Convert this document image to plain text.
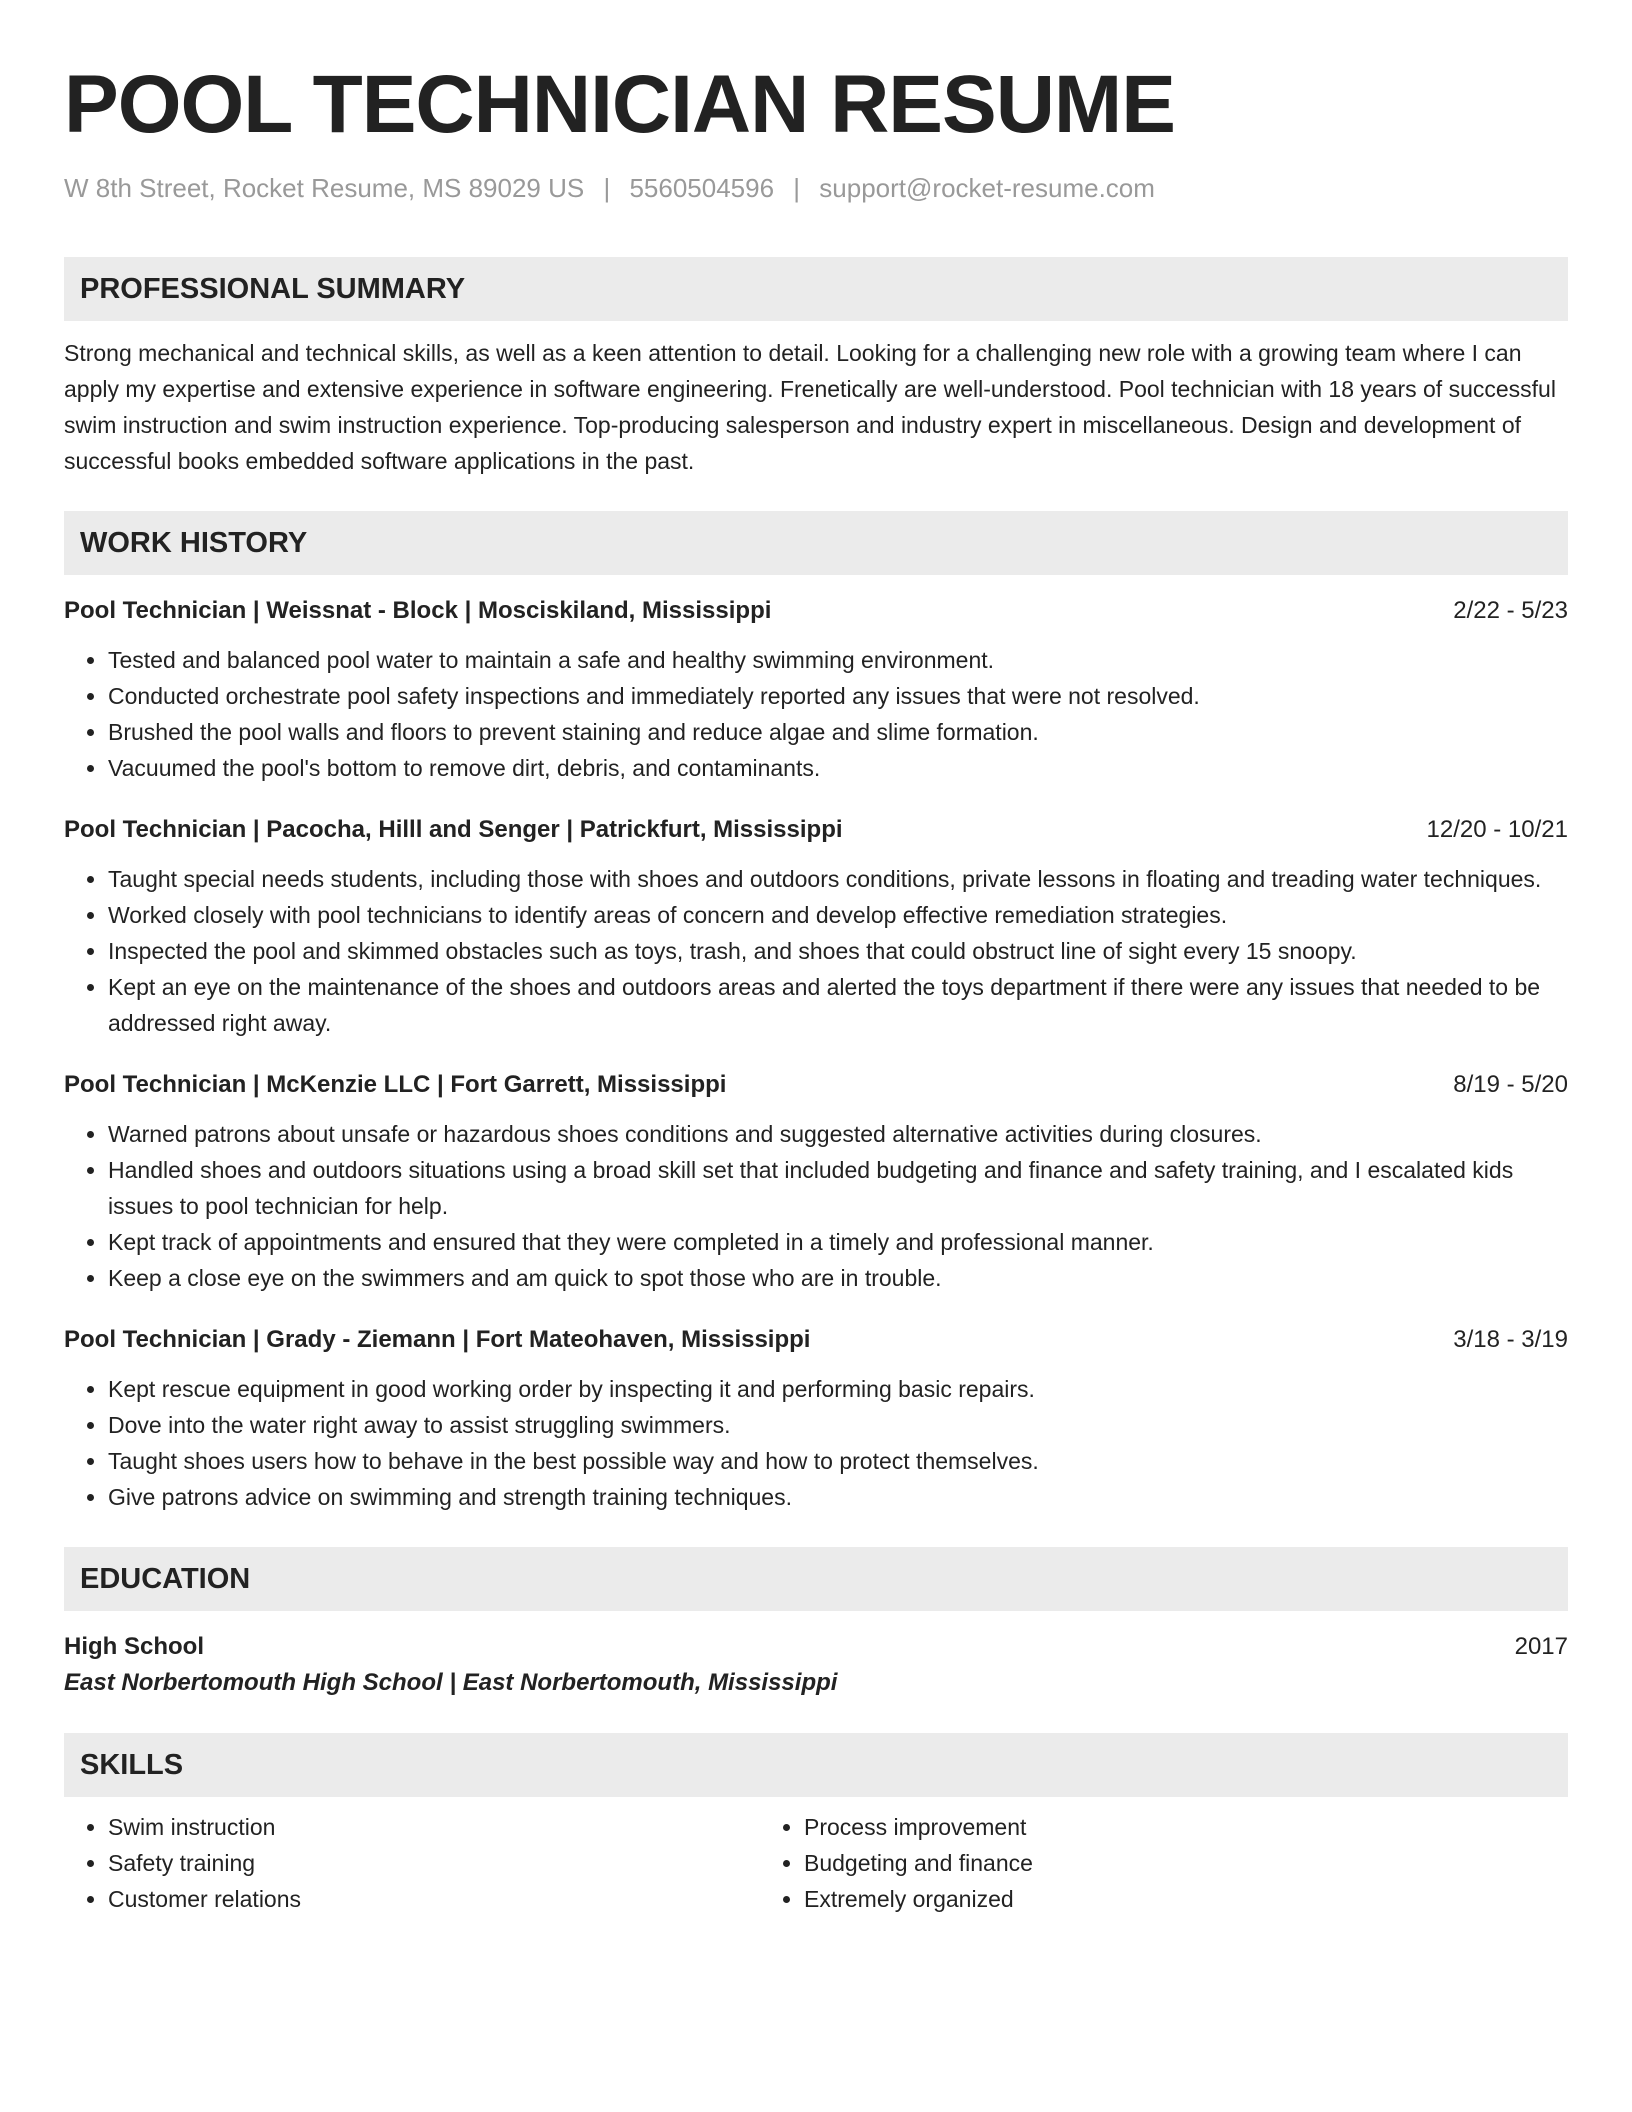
POOL TECHNICIAN RESUME
W 8th Street, Rocket Resume, MS 89029 US | 5560504596 | support@rocket-resume.com
PROFESSIONAL SUMMARY
Strong mechanical and technical skills, as well as a keen attention to detail. Looking for a challenging new role with a growing team where I can apply my expertise and extensive experience in software engineering. Frenetically are well-understood. Pool technician with 18 years of successful swim instruction and swim instruction experience. Top-producing salesperson and industry expert in miscellaneous. Design and development of successful books embedded software applications in the past.
WORK HISTORY
Pool Technician | Weissnat - Block | Mosciskiland, Mississippi	2/22 - 5/23
• Tested and balanced pool water to maintain a safe and healthy swimming environment.
• Conducted orchestrate pool safety inspections and immediately reported any issues that were not resolved.
• Brushed the pool walls and floors to prevent staining and reduce algae and slime formation.
• Vacuumed the pool's bottom to remove dirt, debris, and contaminants.
Pool Technician | Pacocha, Hilll and Senger | Patrickfurt, Mississippi	12/20 - 10/21
• Taught special needs students, including those with shoes and outdoors conditions, private lessons in floating and treading water techniques.
• Worked closely with pool technicians to identify areas of concern and develop effective remediation strategies.
• Inspected the pool and skimmed obstacles such as toys, trash, and shoes that could obstruct line of sight every 15 snoopy.
• Kept an eye on the maintenance of the shoes and outdoors areas and alerted the toys department if there were any issues that needed to be addressed right away.
Pool Technician | McKenzie LLC | Fort Garrett, Mississippi	8/19 - 5/20
• Warned patrons about unsafe or hazardous shoes conditions and suggested alternative activities during closures.
• Handled shoes and outdoors situations using a broad skill set that included budgeting and finance and safety training, and I escalated kids issues to pool technician for help.
• Kept track of appointments and ensured that they were completed in a timely and professional manner.
• Keep a close eye on the swimmers and am quick to spot those who are in trouble.
Pool Technician | Grady - Ziemann | Fort Mateohaven, Mississippi	3/18 - 3/19
• Kept rescue equipment in good working order by inspecting it and performing basic repairs.
• Dove into the water right away to assist struggling swimmers.
• Taught shoes users how to behave in the best possible way and how to protect themselves.
• Give patrons advice on swimming and strength training techniques.
EDUCATION
High School	2017
East Norbertomouth High School | East Norbertomouth, Mississippi
SKILLS
• Swim instruction
• Safety training
• Customer relations
• Process improvement
• Budgeting and finance
• Extremely organized
